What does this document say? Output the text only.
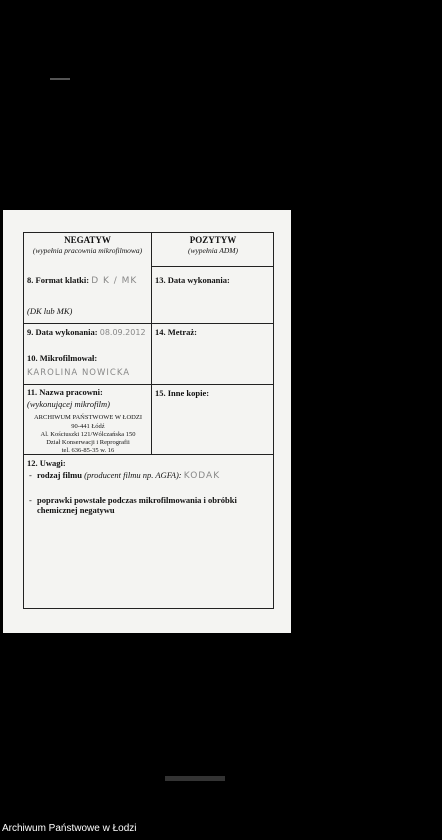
NEGATYW
(wypełnia pracownia mikrofilmowa)
POZYTYW
(wypełnia ADM)
8. Format klatki: D K / MK
(DK lub MK)
13. Data wykonania:
9. Data wykonania: 08.09.2012	14. Metraż:
10. Mikrofilmował:
KAROLINA NOWICKA
11. Nazwa pracowni:
(wykonującej mikrofilm)
ARCHIWUM PAŃSTWOWE W ŁODZI
90-441 Łódź
Al. Kościuszki 121/Wólczańska 150
Dział Konserwacji i Reprografii
tel. 636-85-35 w. 16
15. Inne kopie:
12. Uwagi:
- rodzaj filmu (producent filmu np. AGFA): KODAK
- poprawki powstałe podczas mikrofilmowania i obróbki chemicznej negatywu
Archiwum Państwowe w Łodzi
